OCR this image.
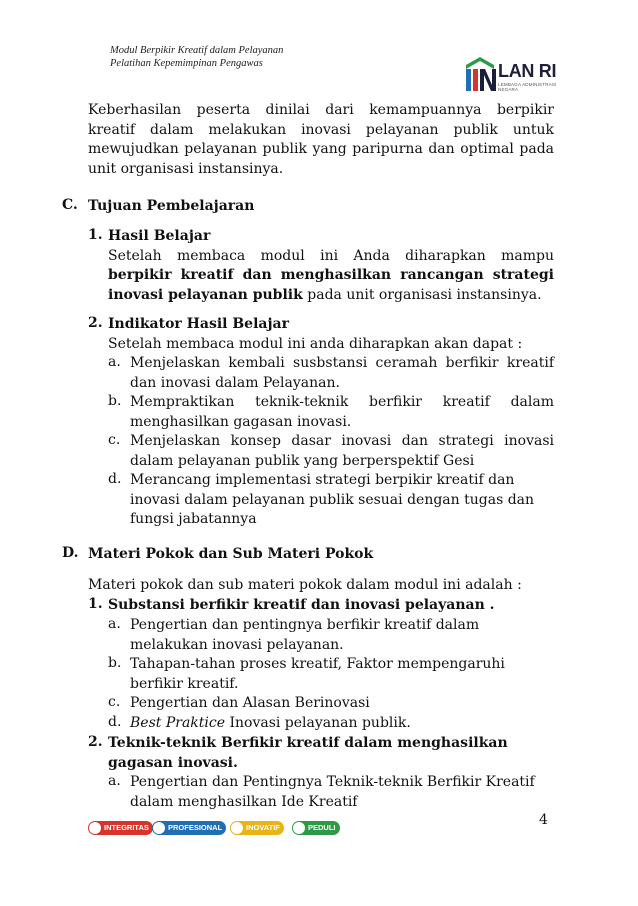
Modul Berpikir Kreatif dalam Pelayanan
Pelatihan Kepemimpinan Pengawas	LAN RI
LEMBAGA ADMINISTRASI NEGARA
Keberhasilan peserta dinilai dari kemampuannya berpikir
kreatif dalam melakukan inovasi pelayanan publik untuk
mewujudkan pelayanan publik yang paripurna dan optimal pada
unit organisasi instansinya.
C. Tujuan Pembelajaran
1. Hasil Belajar
Setelah membaca modul ini Anda diharapkan mampu
berpikir kreatif dan menghasilkan rancangan strategi
inovasi pelayanan publik pada unit organisasi instansinya.
2. Indikator Hasil Belajar
Setelah membaca modul ini anda diharapkan akan dapat :
a. Menjelaskan kembali susbstansi ceramah berfikir kreatif
dan inovasi dalam Pelayanan.
b. Mempraktikan teknik-teknik berfikir kreatif dalam
menghasilkan gagasan inovasi.
c. Menjelaskan konsep dasar inovasi dan strategi inovasi
dalam pelayanan publik yang berperspektif Gesi
d. Merancang implementasi strategi berpikir kreatif dan
inovasi dalam pelayanan publik sesuai dengan tugas dan
fungsi jabatannya
D. Materi Pokok dan Sub Materi Pokok
Materi pokok dan sub materi pokok dalam modul ini adalah :
1. Substansi berfikir kreatif dan inovasi pelayanan .
a. Pengertian dan pentingnya berfikir kreatif dalam
melakukan inovasi pelayanan.
b. Tahapan-tahan proses kreatif, Faktor mempengaruhi
berfikir kreatif.
c. Pengertian dan Alasan Berinovasi
d. Best Praktice Inovasi pelayanan publik.
2. Teknik-teknik Berfikir kreatif dalam menghasilkan
gagasan inovasi.
a. Pengertian dan Pentingnya Teknik-teknik Berfikir Kreatif
dalam menghasilkan Ide Kreatif
INTEGRITAS	PROFESIONAL	INOVATIF	PEDULI	4
